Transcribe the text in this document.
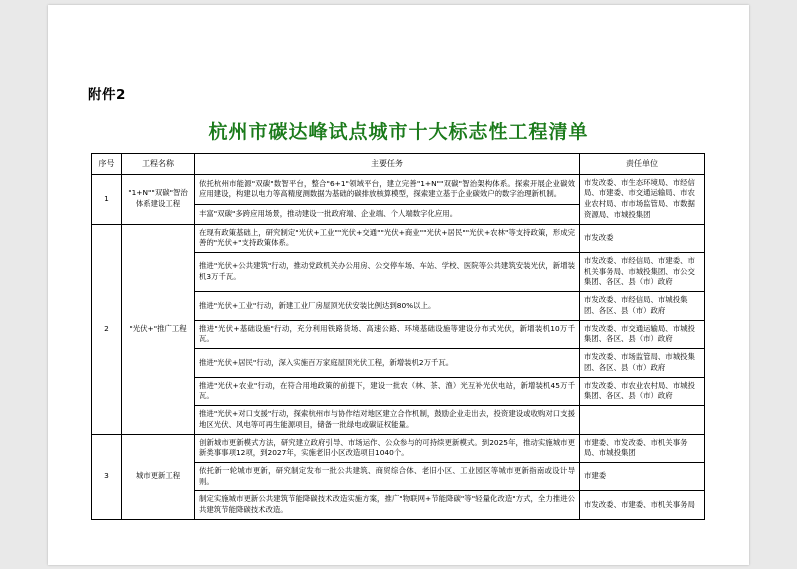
附件2
杭州市碳达峰试点城市十大标志性工程清单
序号	工程名称	主要任务	责任单位
1	"1+N""双碳"智治体系建设工程	依托杭州市能源"双碳"数智平台，整合"6+1"领域平台，建立完善"1+N""双碳"智治架构体系。探索开展企业碳效应用建设，构建以电力等高精度测数据为基础的碳排放核算模型，探索建立基于企业碳效户的数字治理新机制。	市发改委、市生态环境局、市经信局、市建委、市交通运输局、市农业农村局、市市场监管局、市数据资源局、市城投集团
		丰富"双碳"多跨应用场景，推动建设一批政府端、企业端、个人端数字化应用。	
2	"光伏+"推广工程	在现有政策基础上，研究制定"光伏+工业""光伏+交通""光伏+商业""光伏+居民""光伏+农林"等支持政策，形成完善的"光伏+"支持政策体系。	市发改委
		推进"光伏+公共建筑"行动，推动党政机关办公用房、公交停车场、车站、学校、医院等公共建筑安装光伏，新增装机3万千瓦。	市发改委、市经信局、市建委、市机关事务局、市城投集团、市公交集团、各区、县（市）政府
		推进"光伏+工业"行动，新建工业厂房屋顶光伏安装比例达到80%以上。	市发改委、市经信局、市城投集团、各区、县（市）政府
		推进"光伏+基础设施"行动，充分利用铁路货场、高速公路、环境基础设施等建设分布式光伏，新增装机10万千瓦。	市发改委、市交通运输局、市城投集团、各区、县（市）政府
		推进"光伏+居民"行动，深入实施百万家庭屋顶光伏工程，新增装机2万千瓦。	市发改委、市场监管局、市城投集团、各区、县（市）政府
		推进"光伏+农业"行动，在符合用地政策的前提下，建设一批农（林、茶、渔）光互补光伏电站，新增装机45万千瓦。	市发改委、市农业农村局、市城投集团、各区、县（市）政府
		推进"光伏+对口支援"行动，探索杭州市与协作结对地区建立合作机制，鼓励企业走出去，投资建设或收购对口支援地区光伏、风电等可再生能源项目，储备一批绿电或碳证权能量。	
3	城市更新工程	创新城市更新模式方法，研究建立政府引导、市场运作、公众参与的可持续更新模式。到2025年，推动实施城市更新类事事项12项，到2027年，实施老旧小区改造项目1040个。	市建委、市发改委、市机关事务局、市城投集团
		依托新一轮城市更新，研究制定发布一批公共建筑、商贸综合体、老旧小区、工业园区等城市更新指南或设计导则。	市建委
		制定实施城市更新公共建筑节能降碳技术改造实施方案，推广"物联网+节能降碳"等"轻量化改造"方式，全力推进公共建筑节能降碳技术改造。	市发改委、市建委、市机关事务局
